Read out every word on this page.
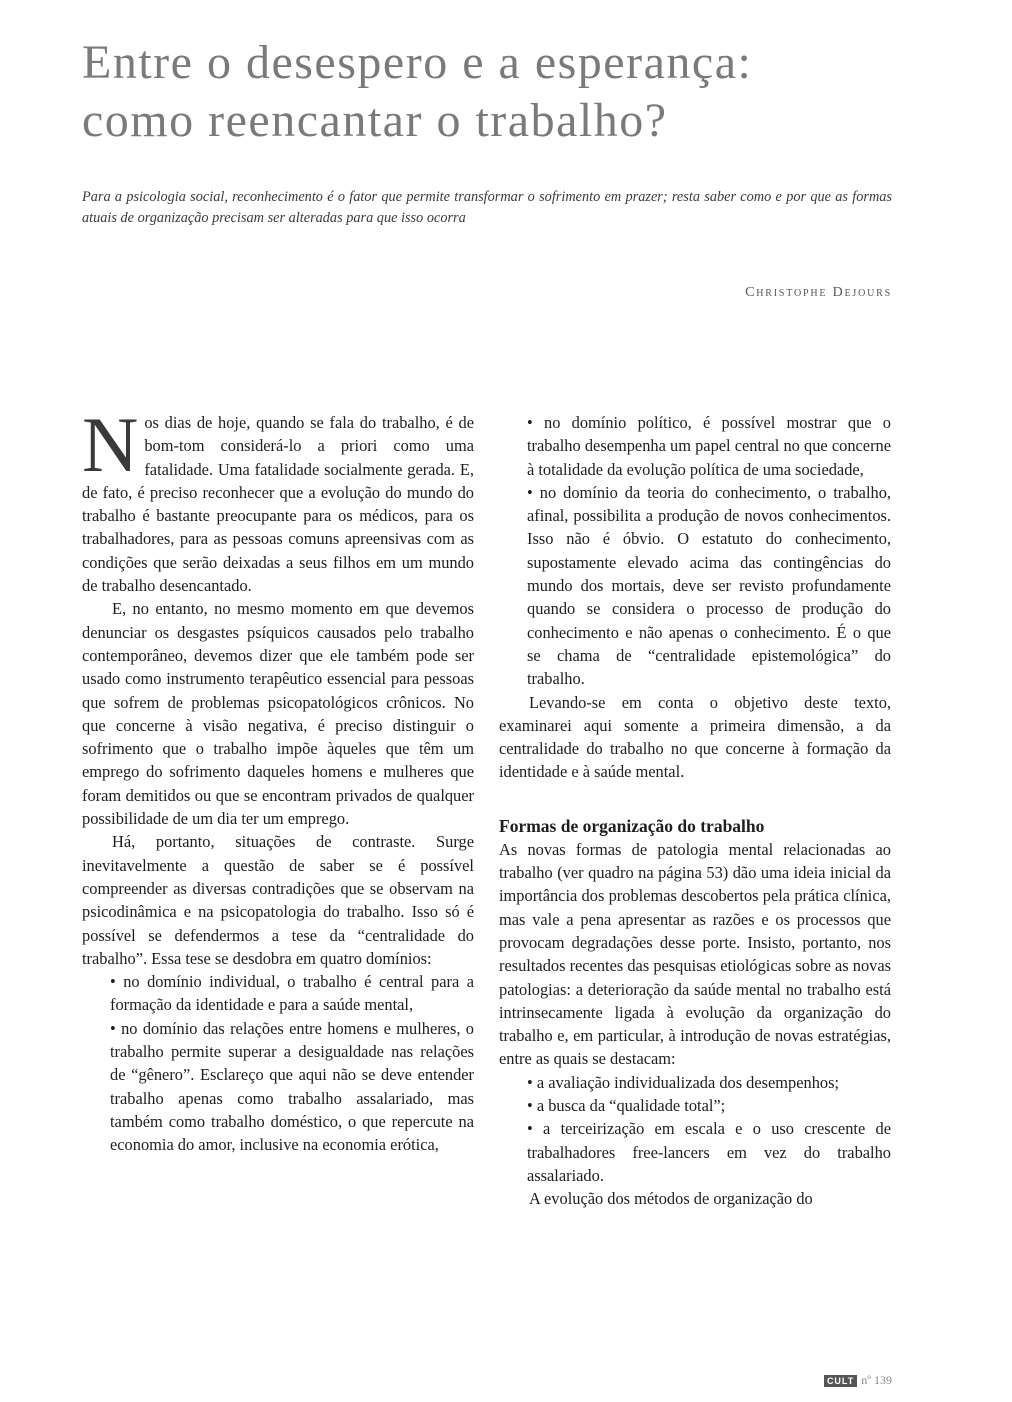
Entre o desespero e a esperança:
como reencantar o trabalho?
Para a psicologia social, reconhecimento é o fator que permite transformar o sofrimento em prazer; resta saber como e por que as formas atuais de organização precisam ser alteradas para que isso ocorra
Christophe Dejours

Nos dias de hoje, quando se fala do trabalho, é de bom-tom considerá-lo a priori como uma fatalidade. Uma fatalidade socialmente gerada. E, de fato, é preciso reconhecer que a evolução do mundo do trabalho é bastante preocupante para os médicos, para os trabalhadores, para as pessoas comuns apreensivas com as condições que serão deixadas a seus filhos em um mundo de trabalho desencantado.

E, no entanto, no mesmo momento em que devemos denunciar os desgastes psíquicos causados pelo trabalho contemporâneo, devemos dizer que ele também pode ser usado como instrumento terapêutico essencial para pessoas que sofrem de problemas psicopatológicos crônicos. No que concerne à visão negativa, é preciso distinguir o sofrimento que o trabalho impõe àqueles que têm um emprego do sofrimento daqueles homens e mulheres que foram demitidos ou que se encontram privados de qualquer possibilidade de um dia ter um emprego.

Há, portanto, situações de contraste. Surge inevitavelmente a questão de saber se é possível compreender as diversas contradições que se observam na psicodinâmica e na psicopatologia do trabalho. Isso só é possível se defendermos a tese da “centralidade do trabalho”. Essa tese se desdobra em quatro domínios:

• no domínio individual, o trabalho é central para a formação da identidade e para a saúde mental,

• no domínio das relações entre homens e mulheres, o trabalho permite superar a desigualdade nas relações de “gênero”. Esclareço que aqui não se deve entender trabalho apenas como trabalho assalariado, mas também como trabalho doméstico, o que repercute na economia do amor, inclusive na economia erótica,

• no domínio político, é possível mostrar que o trabalho desempenha um papel central no que concerne à totalidade da evolução política de uma sociedade,

• no domínio da teoria do conhecimento, o trabalho, afinal, possibilita a produção de novos conhecimentos. Isso não é óbvio. O estatuto do conhecimento, supostamente elevado acima das contingências do mundo dos mortais, deve ser revisto profundamente quando se considera o processo de produção do conhecimento e não apenas o conhecimento. É o que se chama de “centralidade epistemológica” do trabalho.

Levando-se em conta o objetivo deste texto, examinarei aqui somente a primeira dimensão, a da centralidade do trabalho no que concerne à formação da identidade e à saúde mental.

Formas de organização do trabalho

As novas formas de patologia mental relacionadas ao trabalho (ver quadro na página 53) dão uma ideia inicial da importância dos problemas descobertos pela prática clínica, mas vale a pena apresentar as razões e os processos que provocam degradações desse porte. Insisto, portanto, nos resultados recentes das pesquisas etiológicas sobre as novas patologias: a deterioração da saúde mental no trabalho está intrinsecamente ligada à evolução da organização do trabalho e, em particular, à introdução de novas estratégias, entre as quais se destacam:

• a avaliação individualizada dos desempenhos;

• a busca da “qualidade total”;

• a terceirização em escala e o uso crescente de trabalhadores free-lancers em vez do trabalho assalariado.

A evolução dos métodos de organização do

CULT nº 139
